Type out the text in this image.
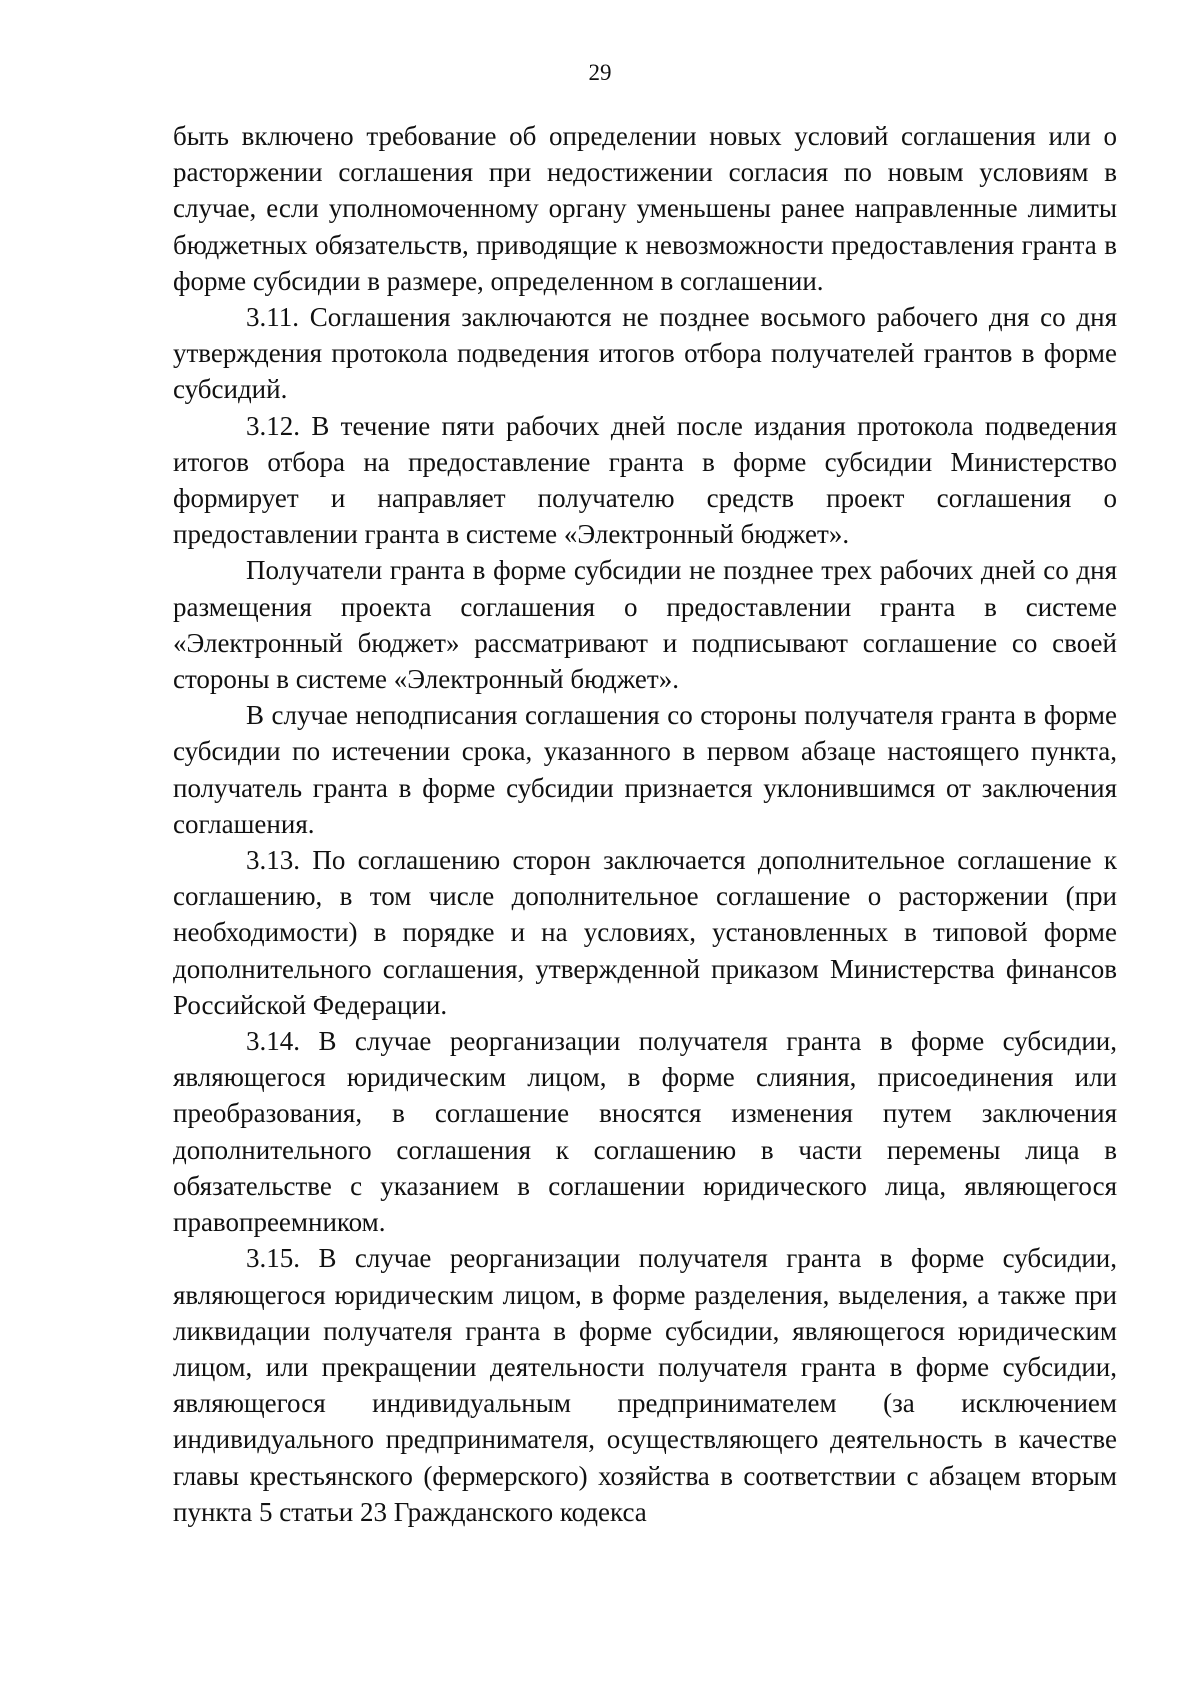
29

быть включено требование об определении новых условий соглашения или о расторжении соглашения при недостижении согласия по новым условиям в случае, если уполномоченному органу уменьшены ранее направленные лимиты бюджетных обязательств, приводящие к невозможности предоставления гранта в форме субсидии в размере, определенном в соглашении.

3.11. Соглашения заключаются не позднее восьмого рабочего дня со дня утверждения протокола подведения итогов отбора получателей грантов в форме субсидий.

3.12. В течение пяти рабочих дней после издания протокола подведения итогов отбора на предоставление гранта в форме субсидии Министерство формирует и направляет получателю средств проект соглашения о предоставлении гранта в системе «Электронный бюджет».

Получатели гранта в форме субсидии не позднее трех рабочих дней со дня размещения проекта соглашения о предоставлении гранта в системе «Электронный бюджет» рассматривают и подписывают соглашение со своей стороны в системе «Электронный бюджет».

В случае неподписания соглашения со стороны получателя гранта в форме субсидии по истечении срока, указанного в первом абзаце настоящего пункта, получатель гранта в форме субсидии признается уклонившимся от заключения соглашения.

3.13. По соглашению сторон заключается дополнительное соглашение к соглашению, в том числе дополнительное соглашение о расторжении (при необходимости) в порядке и на условиях, установленных в типовой форме дополнительного соглашения, утвержденной приказом Министерства финансов Российской Федерации.

3.14. В случае реорганизации получателя гранта в форме субсидии, являющегося юридическим лицом, в форме слияния, присоединения или преобразования, в соглашение вносятся изменения путем заключения дополнительного соглашения к соглашению в части перемены лица в обязательстве с указанием в соглашении юридического лица, являющегося правопреемником.

3.15. В случае реорганизации получателя гранта в форме субсидии, являющегося юридическим лицом, в форме разделения, выделения, а также при ликвидации получателя гранта в форме субсидии, являющегося юридическим лицом, или прекращении деятельности получателя гранта в форме субсидии, являющегося индивидуальным предпринимателем (за исключением индивидуального предпринимателя, осуществляющего деятельность в качестве главы крестьянского (фермерского) хозяйства в соответствии с абзацем вторым пункта 5 статьи 23 Гражданского кодекса
